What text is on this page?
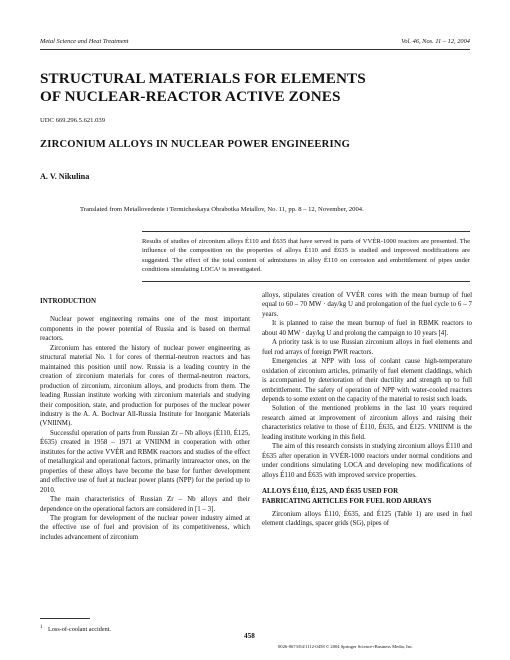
Metal Science and Heat Treatment	Vol. 46, Nos. 11 – 12, 2004
STRUCTURAL MATERIALS FOR ELEMENTS
OF NUCLEAR-REACTOR ACTIVE ZONES
UDC 669.296.5.621.039
ZIRCONIUM ALLOYS IN NUCLEAR POWER ENGINEERING
A. V. Nikulina
Translated from Metallovedenie i Termicheskaya Obrabotka Metallov, No. 11, pp. 8 – 12, November, 2004.
Results of studies of zirconium alloys É110 and É635 that have served in parts of VVÉR-1000 reactors are presented. The influence of the composition on the properties of alloys É110 and É635 is studied and improved modifications are suggested. The effect of the total content of admixtures in alloy É110 on corrosion and embrittlement of pipes under conditions simulating LOCA¹ is investigated.
INTRODUCTION

Nuclear power engineering remains one of the most important components in the power potential of Russia and is based on thermal reactors.

Zirconium has entered the history of nuclear power engineering as structural material No. 1 for cores of thermal-neutron reactors and has maintained this position until now. Russia is a leading country in the creation of zirconium materials for cores of thermal-neutron reactors, production of zirconium, zirconium alloys, and products from them. The leading Russian institute working with zirconium materials and studying their composition, state, and production for purposes of the nuclear power industry is the A. A. Bochvar All-Russia Institute for Inorganic Materials (VNIINM).

Successful operation of parts from Russian Zr – Nb alloys (É110, É125, É635) created in 1958 – 1971 at VNIINM in cooperation with other institutes for the active VVÉR and RBMK reactors and studies of the effect of metallurgical and operational factors, primarily intrareactor ones, on the properties of these alloys have become the base for further development and effective use of fuel at nuclear power plants (NPP) for the period up to 2010.

The main characteristics of Russian Zr – Nb alloys and their dependence on the operational factors are considered in [1 – 3].

The program for development of the nuclear power industry aimed at the effective use of fuel and provision of its competitiveness, which includes advancement of zirconium

alloys, stipulates creation of VVÉR cores with the mean burnup of fuel equal to 60 – 70 MW · day/kg U and prolongation of the fuel cycle to 6 – 7 years.

It is planned to raise the mean burnup of fuel in RBMK reactors to about 40 MW · day/kg U and prolong the campaign to 10 years [4].

A priority task is to use Russian zirconium alloys in fuel elements and fuel rod arrays of foreign PWR reactors.

Emergencies at NPP with loss of coolant cause high-temperature oxidation of zirconium articles, primarily of fuel element claddings, which is accompanied by deterioration of their ductility and strength up to full embrittlement. The safety of operation of NPP with water-cooled reactors depends to some extent on the capacity of the material to resist such loads.

Solution of the mentioned problems in the last 10 years required research aimed at improvement of zirconium alloys and raising their characteristics relative to those of É110, É635, and É125. VNIINM is the leading institute working in this field.

The aim of this research consists in studying zirconium alloys É110 and É635 after operation in VVÉR-1000 reactors under normal conditions and under conditions simulating LOCA and developing new modifications of alloys É110 and É635 with improved service properties.

ALLOYS É110, É125, AND É635 USED FOR
FABRICATING ARTICLES FOR FUEL ROD ARRAYS

Zirconium alloys É110, É635, and É125 (Table 1) are used in fuel element claddings, spacer grids (SG), pipes of

$^1$ Loss-of-coolant accident.
458
0026-0673/04/1112-0458 © 2004 Springer Science+Business Media, Inc.
